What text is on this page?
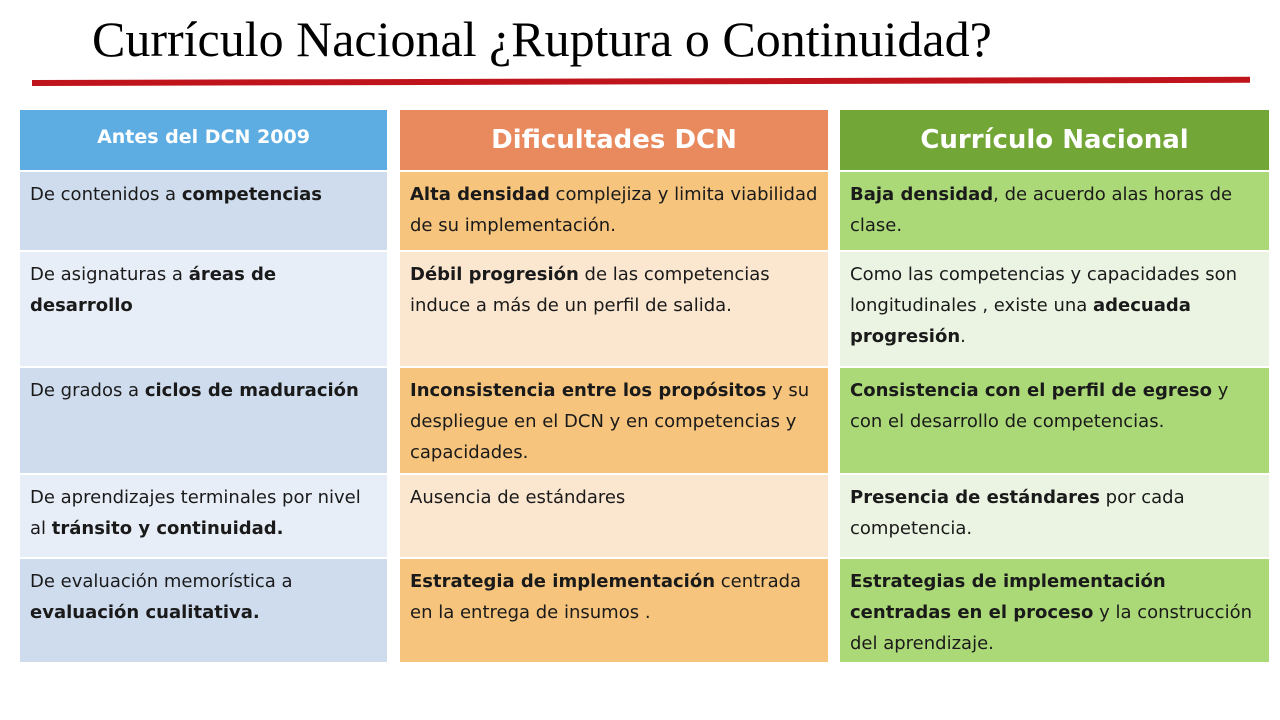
Currículo Nacional ¿Ruptura o Continuidad?
Antes del DCN 2009
De contenidos a competencias
De asignaturas a áreas de desarrollo
De grados a ciclos de maduración
De aprendizajes terminales por nivel al tránsito y continuidad.
De evaluación memorística a evaluación cualitativa.
Dificultades DCN
Alta densidad complejiza y limita viabilidad de su implementación.
Débil progresión de las competencias induce a más de un perfil de salida.
Inconsistencia entre los propósitos y su despliegue en el DCN y en competencias y capacidades.
Ausencia de estándares
Estrategia de implementación centrada en la entrega de insumos .
Currículo Nacional
Baja densidad, de acuerdo alas horas de clase.
Como las competencias y capacidades son longitudinales , existe una adecuada progresión.
Consistencia con el perfil de egreso y con el desarrollo de competencias.
Presencia de estándares por cada competencia.
Estrategias de implementación centradas en el proceso y la construcción del aprendizaje.
